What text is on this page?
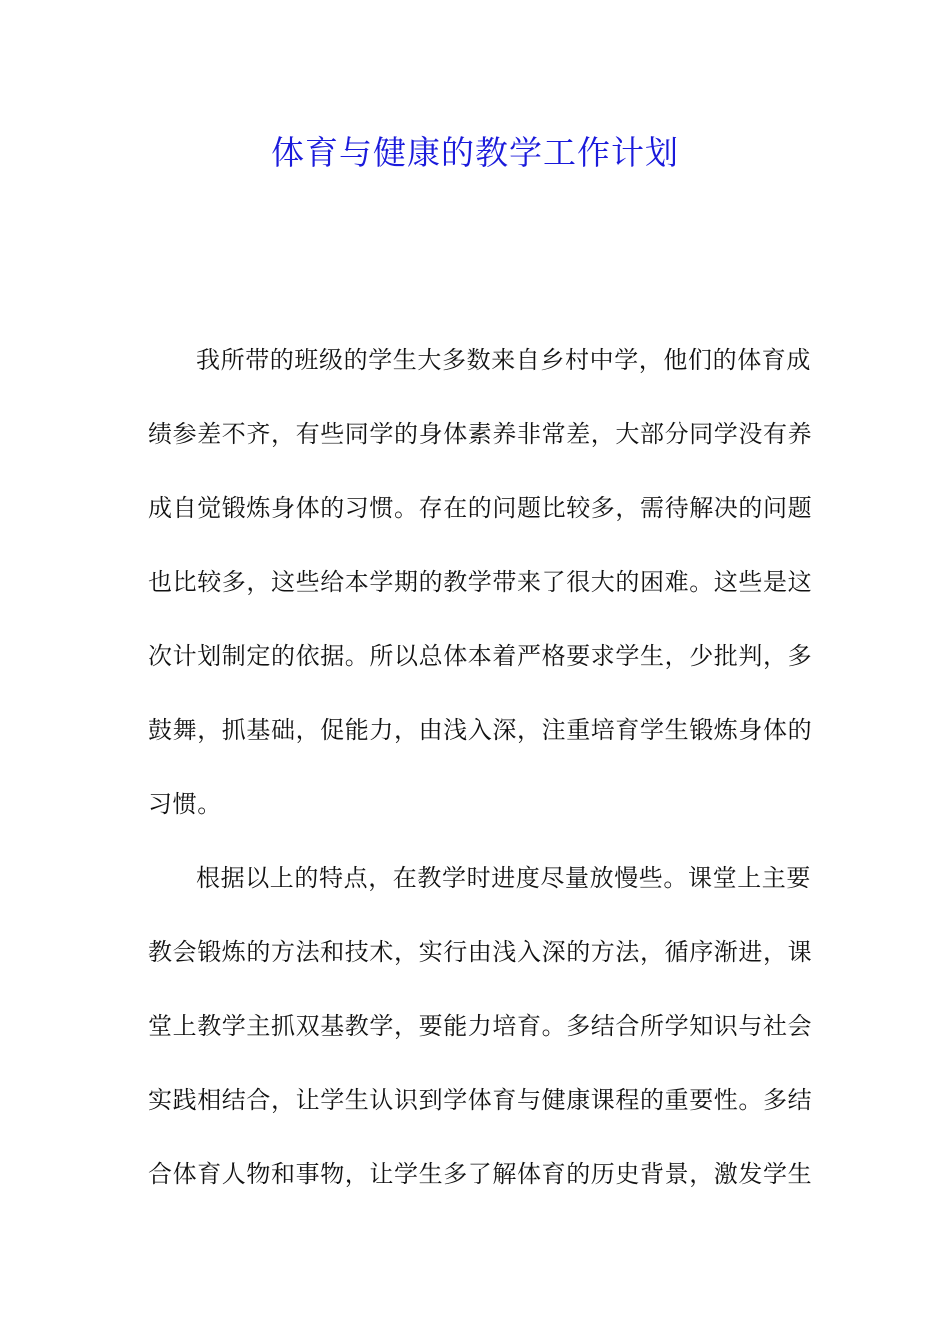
体育与健康的教学工作计划
我所带的班级的学生大多数来自乡村中学，他们的体育成
绩参差不齐，有些同学的身体素养非常差，大部分同学没有养
成自觉锻炼身体的习惯。存在的问题比较多，需待解决的问题
也比较多，这些给本学期的教学带来了很大的困难。这些是这
次计划制定的依据。所以总体本着严格要求学生，少批判，多
鼓舞，抓基础，促能力，由浅入深，注重培育学生锻炼身体的
习惯。
根据以上的特点，在教学时进度尽量放慢些。课堂上主要
教会锻炼的方法和技术，实行由浅入深的方法，循序渐进，课
堂上教学主抓双基教学，要能力培育。多结合所学知识与社会
实践相结合，让学生认识到学体育与健康课程的重要性。多结
合体育人物和事物，让学生多了解体育的历史背景，激发学生
